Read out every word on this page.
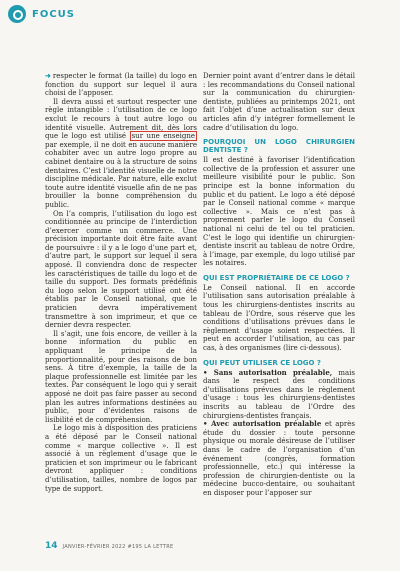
FOCUS

➜ respecter le format (la taille) du logo en fonction du support sur lequel il aura choisi de l’apposer.

Il devra aussi et surtout respecter une règle intangible : l’utilisation de ce logo exclut le recours à tout autre logo ou identité visuelle. Autrement dit, dès lors que le logo est utilisé sur une enseigne par exemple, il ne doit en aucune manière cohabiter avec un autre logo propre au cabinet dentaire ou à la structure de soins dentaires. C’est l’identité visuelle de notre discipline médicale. Par nature, elle exclut toute autre identité visuelle afin de ne pas brouiller la bonne compréhension du public.

On l’a compris, l’utilisation du logo est conditionnée au principe de l’interdiction d’exercer comme un commerce. Une précision importante doit être faite avant de poursuivre : il y a le logo d’une part et, d’autre part, le support sur lequel il sera apposé. Il conviendra donc de respecter les caractéristiques de taille du logo et de taille du support. Des formats prédéfinis du logo selon le support utilisé ont été établis par le Conseil national, que le praticien devra impérativement transmettre à son imprimeur, et que ce dernier devra respecter.

Il s’agit, une fois encore, de veiller à la bonne information du public en appliquant le principe de la proportionnalité, pour des raisons de bon sens. À titre d’exemple, la taille de la plaque professionnelle est limitée par les textes. Par conséquent le logo qui y serait apposé ne doit pas faire passer au second plan les autres informations destinées au public, pour d’évidentes raisons de lisibilité et de compréhension.

Le logo mis à disposition des praticiens a été déposé par le Conseil national comme « marque collective ». Il est associé à un règlement d’usage que le praticien et son imprimeur ou le fabricant devront appliquer : conditions d’utilisation, tailles, nombre de logos par type de support.

Dernier point avant d’entrer dans le détail : les recommandations du Conseil national sur la communication du chirurgien-dentiste, publiées au printemps 2021, ont fait l’objet d’une actualisation sur deux articles afin d’y intégrer formellement le cadre d’utilisation du logo.

POURQUOI UN LOGO CHIRURGIEN DENTISTE ?

Il est destiné à favoriser l’identification collective de la profession et assurer une meilleure visibilité pour le public. Son principe est la bonne information du public et du patient. Le logo a été déposé par le Conseil national comme « marque collective ». Mais ce n’est pas à proprement parler le logo du Conseil national ni celui de tel ou tel praticien. C’est le logo qui identifie un chirurgien-dentiste inscrit au tableau de notre Ordre, à l’image, par exemple, du logo utilisé par les notaires.

QUI EST PROPRIÉTAIRE DE CE LOGO ?

Le Conseil national. Il en accorde l’utilisation sans autorisation préalable à tous les chirurgiens-dentistes inscrits au tableau de l’Ordre, sous réserve que les conditions d’utilisations prévues dans le règlement d’usage soient respectées. Il peut en accorder l’utilisation, au cas par cas, à des organismes (lire ci-dessous).

QUI PEUT UTILISER CE LOGO ?

• Sans autorisation préalable, mais dans le respect des conditions d’utilisations prévues dans le règlement d’usage : tous les chirurgiens-dentistes inscrits au tableau de l’Ordre des chirurgiens-dentistes français.

• Avec autorisation préalable et après étude du dossier : toute personne physique ou morale désireuse de l’utiliser dans le cadre de l’organisation d’un événement (congrès, formation professionnelle, etc.) qui intéresse la profession de chirurgien-dentiste ou la médecine bucco-dentaire, ou souhaitant en disposer pour l’apposer sur

14 JANVIER-FÉVRIER 2022 #195 LA LETTRE
